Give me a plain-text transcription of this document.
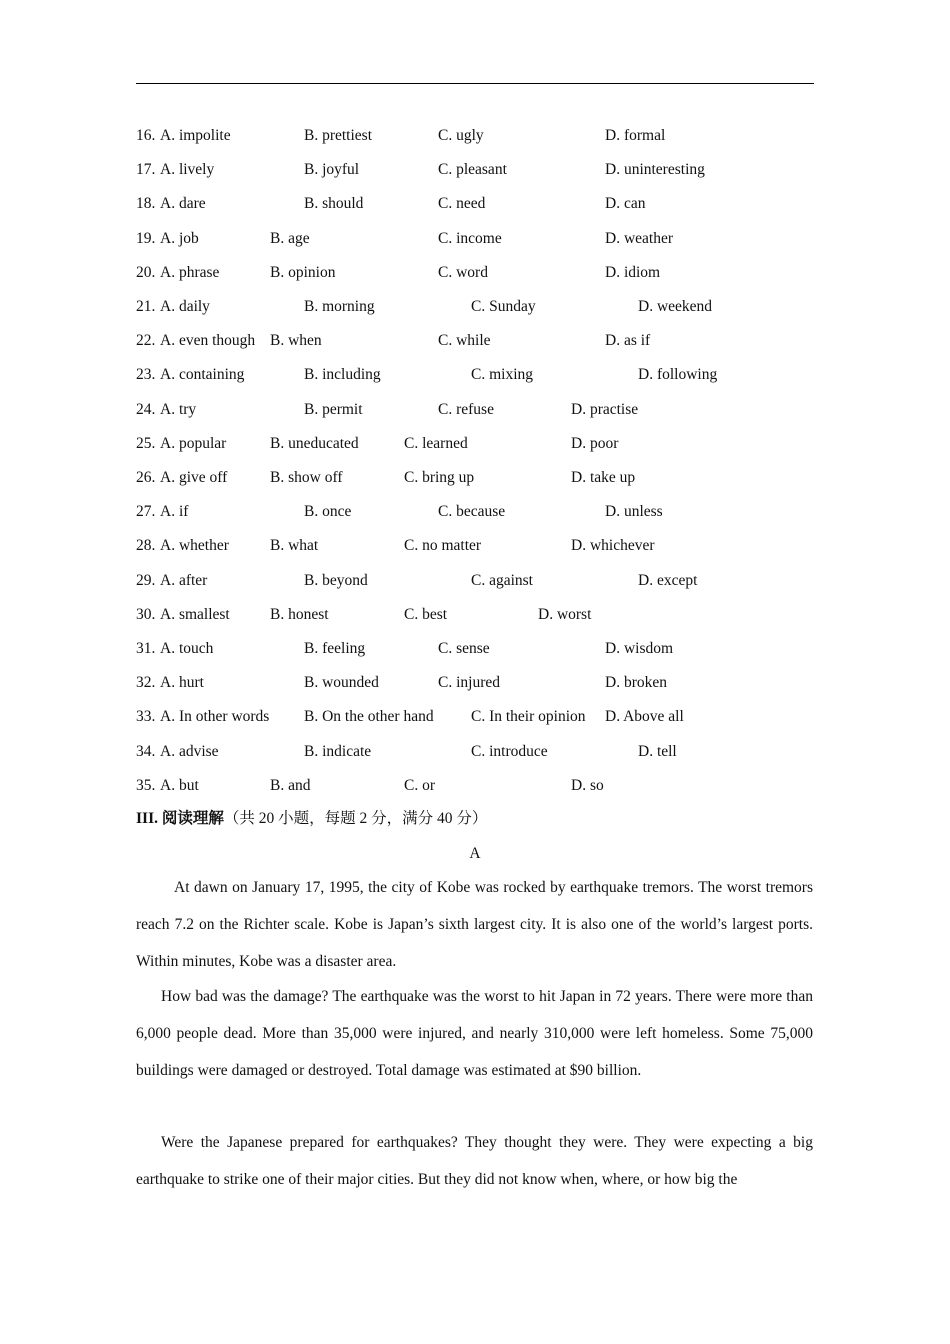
16. A. impolite	B. prettiest	C. ugly	D. formal
17. A. lively	B. joyful	C. pleasant	D. uninteresting
18. A. dare	B. should	C. need	D. can
19. A. job	B. age	C. income	D. weather
20. A. phrase	B. opinion	C. word	D. idiom
21. A. daily	B. morning	C. Sunday	D. weekend
22. A. even though B. when	C. while	D. as if
23. A. containing	B. including	C. mixing	D. following
24. A. try	B. permit	C. refuse	D. practise
25. A. popular	B. uneducated	C. learned	D. poor
26. A. give off	B. show off	C. bring up	D. take up
27. A. if	B. once	C. because	D. unless
28. A. whether	B. what	C. no matter	D. whichever
29. A. after	B. beyond	C. against	D. except
30. A. smallest	B. honest	C. best	D. worst
31. A. touch	B. feeling	C. sense	D. wisdom
32. A. hurt	B. wounded	C. injured	D. broken
33. A. In other words B. On the other hand C. In their opinion D. Above all
34. A. advise	B. indicate	C. introduce	D. tell
35. A. but	B. and	C. or	D. so
III. 阅读理解（共 20 小题，每题 2 分，满分 40 分）
A

At dawn on January 17, 1995, the city of Kobe was rocked by earthquake tremors. The worst tremors reach 7.2 on the Richter scale. Kobe is Japan’s sixth largest city. It is also one of the world’s largest ports. Within minutes, Kobe was a disaster area.

How bad was the damage? The earthquake was the worst to hit Japan in 72 years. There were more than 6,000 people dead. More than 35,000 were injured, and nearly 310,000 were left homeless. Some 75,000 buildings were damaged or destroyed. Total damage was estimated at $90 billion.

Were the Japanese prepared for earthquakes? They thought they were. They were expecting a big earthquake to strike one of their major cities. But they did not know when, where, or how big the
